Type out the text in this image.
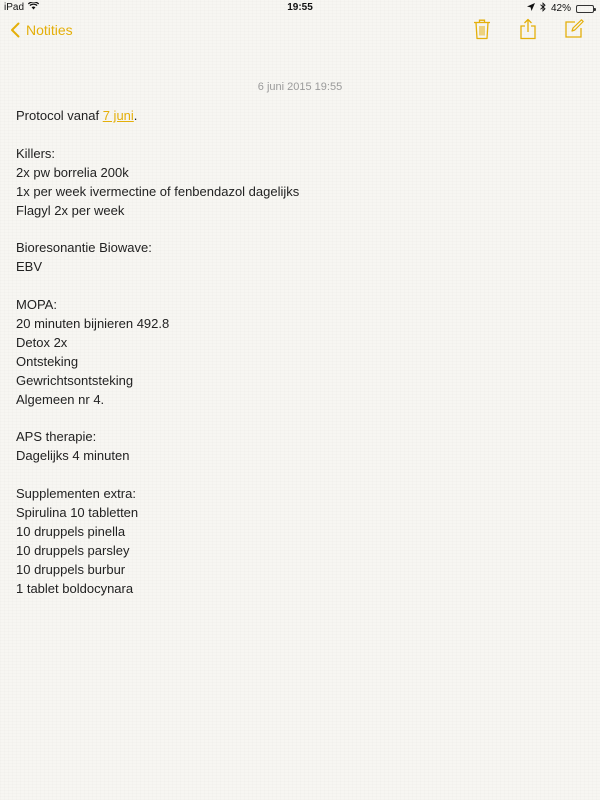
iPad	19:55	42%
Notities
6 juni 2015 19:55
Protocol vanaf 7 juni.
Killers:
2x pw borrelia 200k
1x per week ivermectine of fenbendazol dagelijks
Flagyl 2x per week
Bioresonantie Biowave:
EBV
MOPA:
20 minuten bijnieren 492.8
Detox 2x
Ontsteking
Gewrichtsontsteking
Algemeen nr 4.
APS therapie:
Dagelijks 4 minuten
Supplementen extra:
Spirulina 10 tabletten
10 druppels pinella
10 druppels parsley
10 druppels burbur
1 tablet boldocynara
